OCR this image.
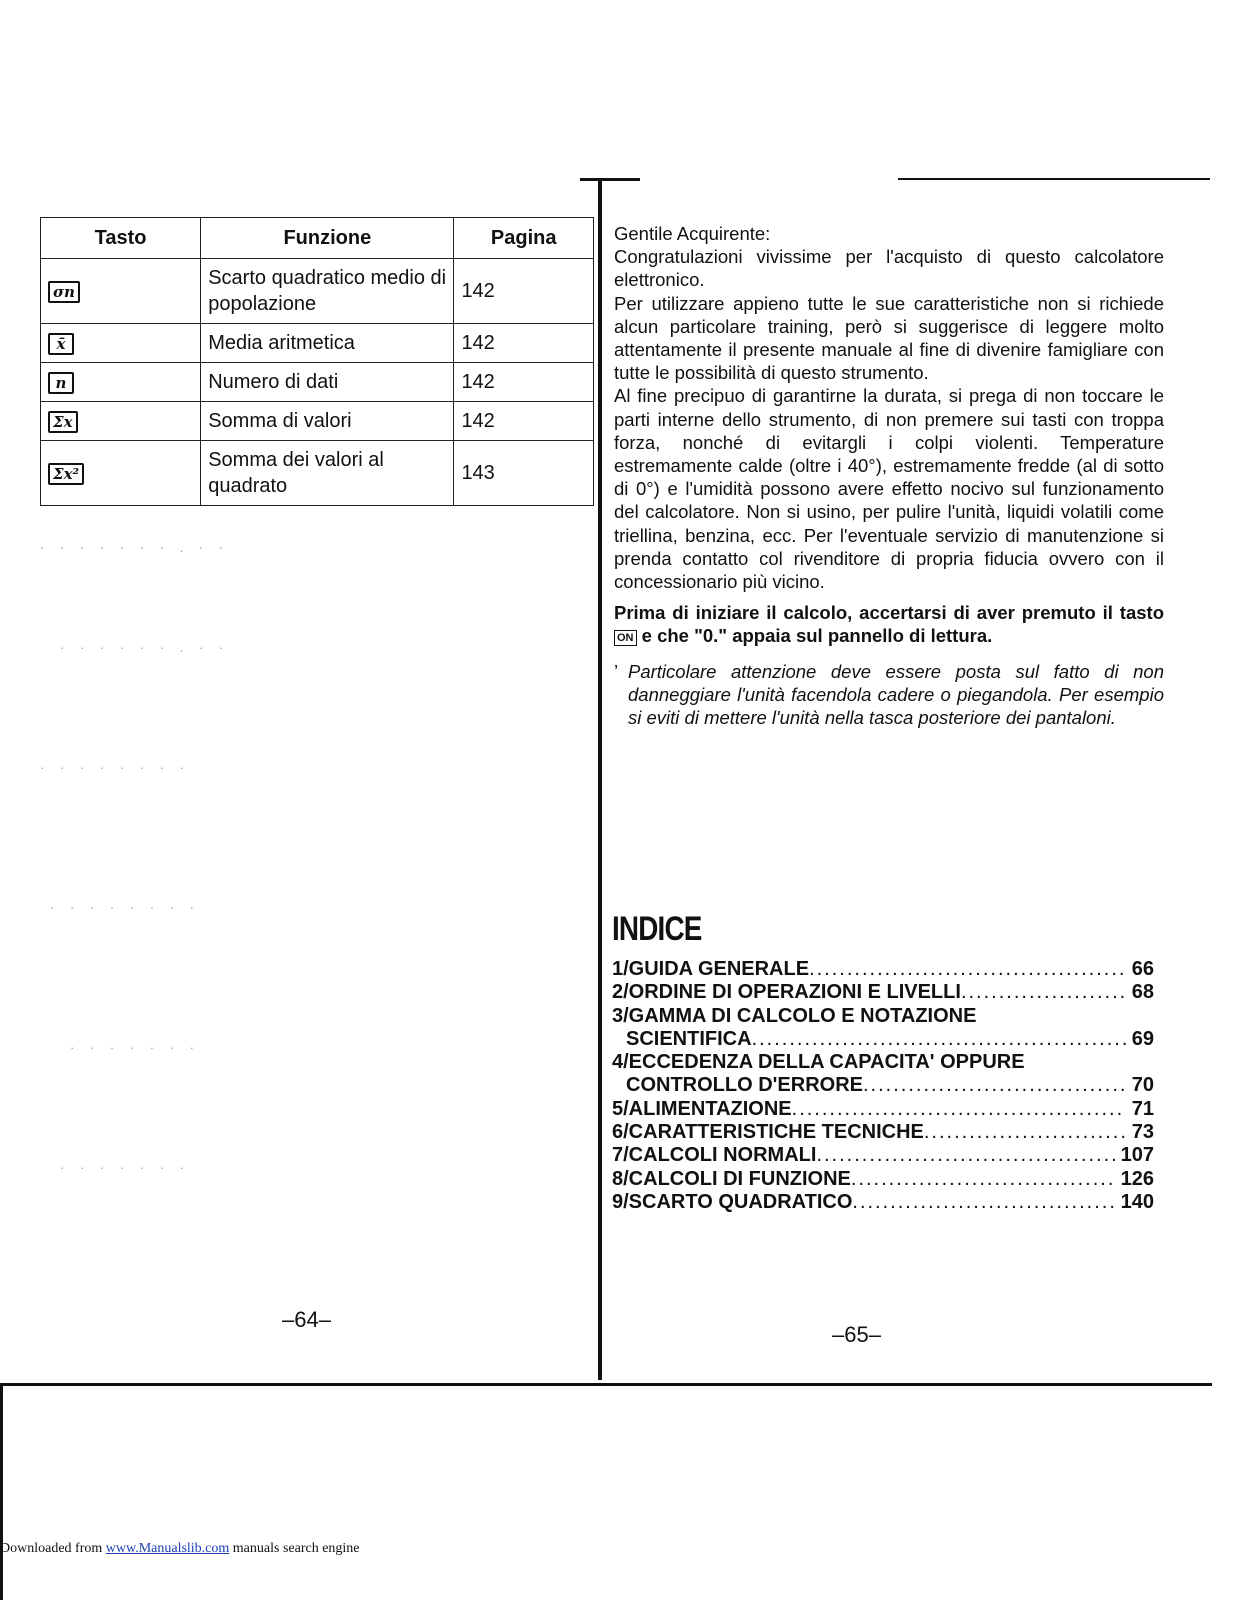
Tasto	Funzione	Pagina
σn	Scarto quadratico medio di popolazione	142
x̄	Media aritmetica	142
n	Numero di dati	142
Σx	Somma di valori	142
Σx²	Somma dei valori al quadrato	143
· · · · · · · . · ·
· · · · · · . · ·
· · · · · · · ·
· · · · · · · ·
· · · · · · ·
· · · · · · ·
–64–

Gentile Acquirente:

Congratulazioni vivissime per l'acquisto di questo calcolatore elettronico.

Per utilizzare appieno tutte le sue caratteristiche non si richiede alcun particolare training, però si suggerisce di leggere molto attentamente il presente manuale al fine di divenire famigliare con tutte le possibilità di questo strumento.

Al fine precipuo di garantirne la durata, si prega di non toccare le parti interne dello strumento, di non premere sui tasti con troppa forza, nonché di evitargli i colpi violenti. Temperature estremamente calde (oltre i 40°), estremamente fredde (al di sotto di 0°) e l'umidità possono avere effetto nocivo sul funzionamento del calcolatore. Non si usino, per pulire l'unità, liquidi volatili come triellina, benzina, ecc. Per l'eventuale servizio di manutenzione si prenda contatto col rivenditore di propria fiducia ovvero con il concessionario più vicino.

Prima di iniziare il calcolo, accertarsi di aver premuto il tasto ON e che "0." appaia sul pannello di lettura.

’ Particolare attenzione deve essere posta sul fatto di non danneggiare l'unità facendola cadere o piegandola. Per esempio si eviti di mettere l'unità nella tasca posteriore dei pantaloni.

INDICE
1/GUIDA GENERALE .....	66
2/ORDINE DI OPERAZIONI E LIVELLI .....	68
3/GAMMA DI CALCOLO E NOTAZIONE
SCIENTIFICA .....	69
4/ECCEDENZA DELLA CAPACITA' OPPURE
CONTROLLO D'ERRORE .....	70
5/ALIMENTAZIONE .....	71
6/CARATTERISTICHE TECNICHE .....	73
7/CALCOLI NORMALI .....	107
8/CALCOLI DI FUNZIONE .....	126
9/SCARTO QUADRATICO .....	140
–65–
Downloaded from www.Manualslib.com manuals search engine
